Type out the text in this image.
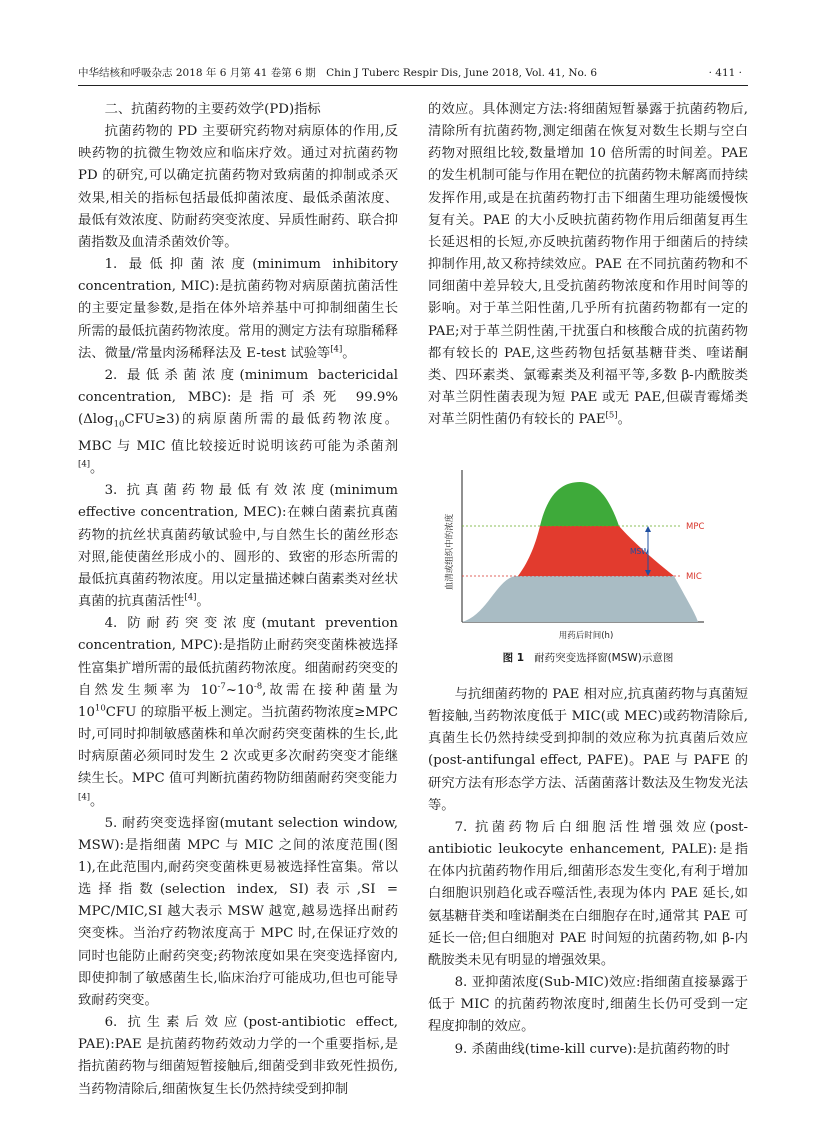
中华结核和呼吸杂志 2018 年 6 月第 41 卷第 6 期　Chin J Tuberc Respir Dis, June 2018, Vol. 41, No. 6	· 411 ·

二、抗菌药物的主要药效学(PD)指标

抗菌药物的 PD 主要研究药物对病原体的作用,反映药物的抗微生物效应和临床疗效。通过对抗菌药物 PD 的研究,可以确定抗菌药物对致病菌的抑制或杀灭效果,相关的指标包括最低抑菌浓度、最低杀菌浓度、最低有效浓度、防耐药突变浓度、异质性耐药、联合抑菌指数及血清杀菌效价等。

1. 最低抑菌浓度(minimum inhibitory concentration, MIC):是抗菌药物对病原菌抗菌活性的主要定量参数,是指在体外培养基中可抑制细菌生长所需的最低抗菌药物浓度。常用的测定方法有琼脂稀释法、微量/常量肉汤稀释法及 E-test 试验等[4]。

2. 最低杀菌浓度(minimum bactericidal concentration, MBC):是指可杀死 99.9%(Δlog$_{10}$CFU≥3)的病原菌所需的最低药物浓度。MBC 与 MIC 值比较接近时说明该药可能为杀菌剂[4]。

3. 抗真菌药物最低有效浓度(minimum effective concentration, MEC):在棘白菌素抗真菌药物的抗丝状真菌药敏试验中,与自然生长的菌丝形态对照,能使菌丝形成小的、圆形的、致密的形态所需的最低抗真菌药物浓度。用以定量描述棘白菌素类对丝状真菌的抗真菌活性[4]。

4. 防耐药突变浓度(mutant prevention concentration, MPC):是指防止耐药突变菌株被选择性富集扩增所需的最低抗菌药物浓度。细菌耐药突变的自然发生频率为 $10^{-7}\sim 10^{-8}$,故需在接种菌量为 $10^{10}CFU$ 的琼脂平板上测定。当抗菌药物浓度≥MPC 时,可同时抑制敏感菌株和单次耐药突变菌株的生长,此时病原菌必须同时发生 2 次或更多次耐药突变才能继续生长。MPC 值可判断抗菌药物防细菌耐药突变能力[4]。

5. 耐药突变选择窗(mutant selection window, MSW):是指细菌 MPC 与 MIC 之间的浓度范围(图 1),在此范围内,耐药突变菌株更易被选择性富集。常以选择指数(selection index, SI)表示,SI = MPC/MIC,SI 越大表示 MSW 越宽,越易选择出耐药突变株。当治疗药物浓度高于 MPC 时,在保证疗效的同时也能防止耐药突变;药物浓度如果在突变选择窗内,即使抑制了敏感菌生长,临床治疗可能成功,但也可能导致耐药突变。

6. 抗生素后效应(post-antibiotic effect, PAE):PAE 是抗菌药物药效动力学的一个重要指标,是指抗菌药物与细菌短暂接触后,细菌受到非致死性损伤,当药物清除后,细菌恢复生长仍然持续受到抑制

的效应。具体测定方法:将细菌短暂暴露于抗菌药物后,清除所有抗菌药物,测定细菌在恢复对数生长期与空白药物对照组比较,数量增加 10 倍所需的时间差。PAE 的发生机制可能与作用在靶位的抗菌药物未解离而持续发挥作用,或是在抗菌药物打击下细菌生理功能缓慢恢复有关。PAE 的大小反映抗菌药物作用后细菌复再生长延迟相的长短,亦反映抗菌药物作用于细菌后的持续抑制作用,故又称持续效应。PAE 在不同抗菌药物和不同细菌中差异较大,且受抗菌药物浓度和作用时间等的影响。对于革兰阳性菌,几乎所有抗菌药物都有一定的 PAE;对于革兰阴性菌,干扰蛋白和核酸合成的抗菌药物都有较长的 PAE,这些药物包括氨基糖苷类、喹诺酮类、四环素类、氯霉素类及利福平等,多数 β-内酰胺类对革兰阴性菌表现为短 PAE 或无 PAE,但碳青霉烯类对革兰阴性菌仍有较长的 PAE[5]。

血清或组织中的浓度	MPC
MIC
MSW
敏感菌株被抑制
单一靶位突变菌
株不被抑制
用药后时间(h)
图 1 耐药突变选择窗(MSW)示意图

与抗细菌药物的 PAE 相对应,抗真菌药物与真菌短暂接触,当药物浓度低于 MIC(或 MEC)或药物清除后,真菌生长仍然持续受到抑制的效应称为抗真菌后效应(post-antifungal effect, PAFE)。PAE 与 PAFE 的研究方法有形态学方法、活菌菌落计数法及生物发光法等。

7. 抗菌药物后白细胞活性增强效应(post-antibiotic leukocyte enhancement, PALE):是指在体内抗菌药物作用后,细菌形态发生变化,有利于增加白细胞识别趋化或吞噬活性,表现为体内 PAE 延长,如氨基糖苷类和喹诺酮类在白细胞存在时,通常其 PAE 可延长一倍;但白细胞对 PAE 时间短的抗菌药物,如 β-内酰胺类未见有明显的增强效果。

8. 亚抑菌浓度(Sub-MIC)效应:指细菌直接暴露于低于 MIC 的抗菌药物浓度时,细菌生长仍可受到一定程度抑制的效应。

9. 杀菌曲线(time-kill curve):是抗菌药物的时
